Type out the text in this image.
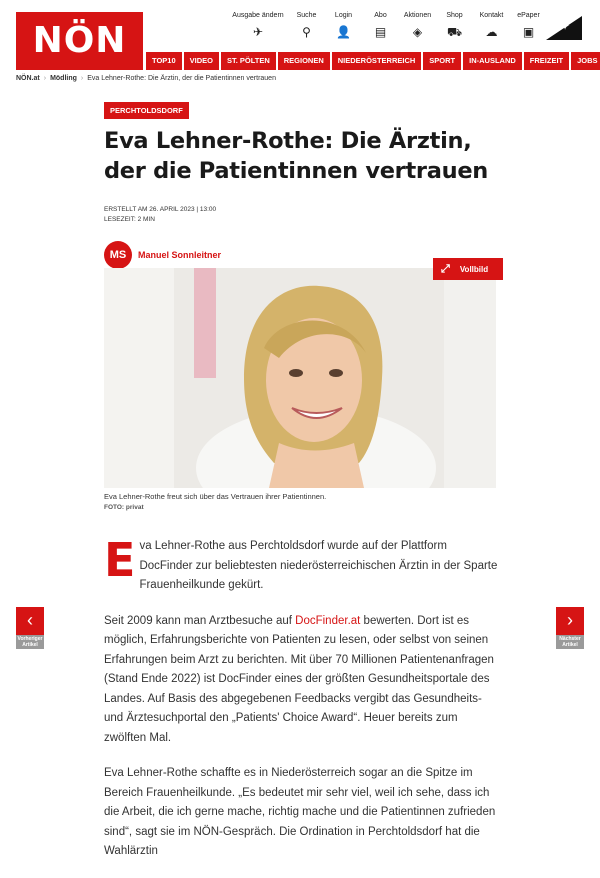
NÖN
Ausgabe ändern
✈
Suche
⚲
Login
👤
Abo
▤
Aktionen
◈
Shop
⛟
Kontakt
☁
ePaper
▣	✦
TOP10	VIDEO	ST. PÖLTEN	REGIONEN	NIEDERÖSTERREICH	SPORT	IN-AUSLAND	FREIZEIT	JOBS
NÖN.at › Mödling › Eva Lehner-Rothe: Die Ärztin, der die Patientinnen vertrauen
PERCHTOLDSDORF
Eva Lehner-Rothe: Die Ärztin, der die Patientinnen vertrauen
ERSTELLT AM 26. APRIL 2023 | 13:00
LESEZEIT: 2 MIN
MS	Manuel Sonnleitner
⤢ Vollbild
Eva Lehner-Rothe freut sich über das Vertrauen ihrer Patientinnen.
FOTO: privat

Eva Lehner-Rothe aus Perchtoldsdorf wurde auf der Plattform DocFinder zur beliebtesten niederösterreichischen Ärztin in der Sparte Frauenheilkunde gekürt.

Seit 2009 kann man Arztbesuche auf DocFinder.at bewerten. Dort ist es möglich, Erfahrungsberichte von Patienten zu lesen, oder selbst von seinen Erfahrungen beim Arzt zu berichten. Mit über 70 Millionen Patientenanfragen (Stand Ende 2022) ist DocFinder eines der größten Gesundheitsportale des Landes. Auf Basis des abgegebenen Feedbacks vergibt das Gesundheits- und Ärztesuchportal den „Patients' Choice Award“. Heuer bereits zum zwölften Mal.

Eva Lehner-Rothe schaffte es in Niederösterreich sogar an die Spitze im Bereich Frauenheilkunde. „Es bedeutet mir sehr viel, weil ich sehe, dass ich die Arbeit, die ich gerne mache, richtig mache und die Patientinnen zufrieden sind“, sagt sie im NÖN-Gespräch. Die Ordination in Perchtoldsdorf hat die Wahlärztin

‹
Vorheriger
Artikel
›
Nächster
Artikel
